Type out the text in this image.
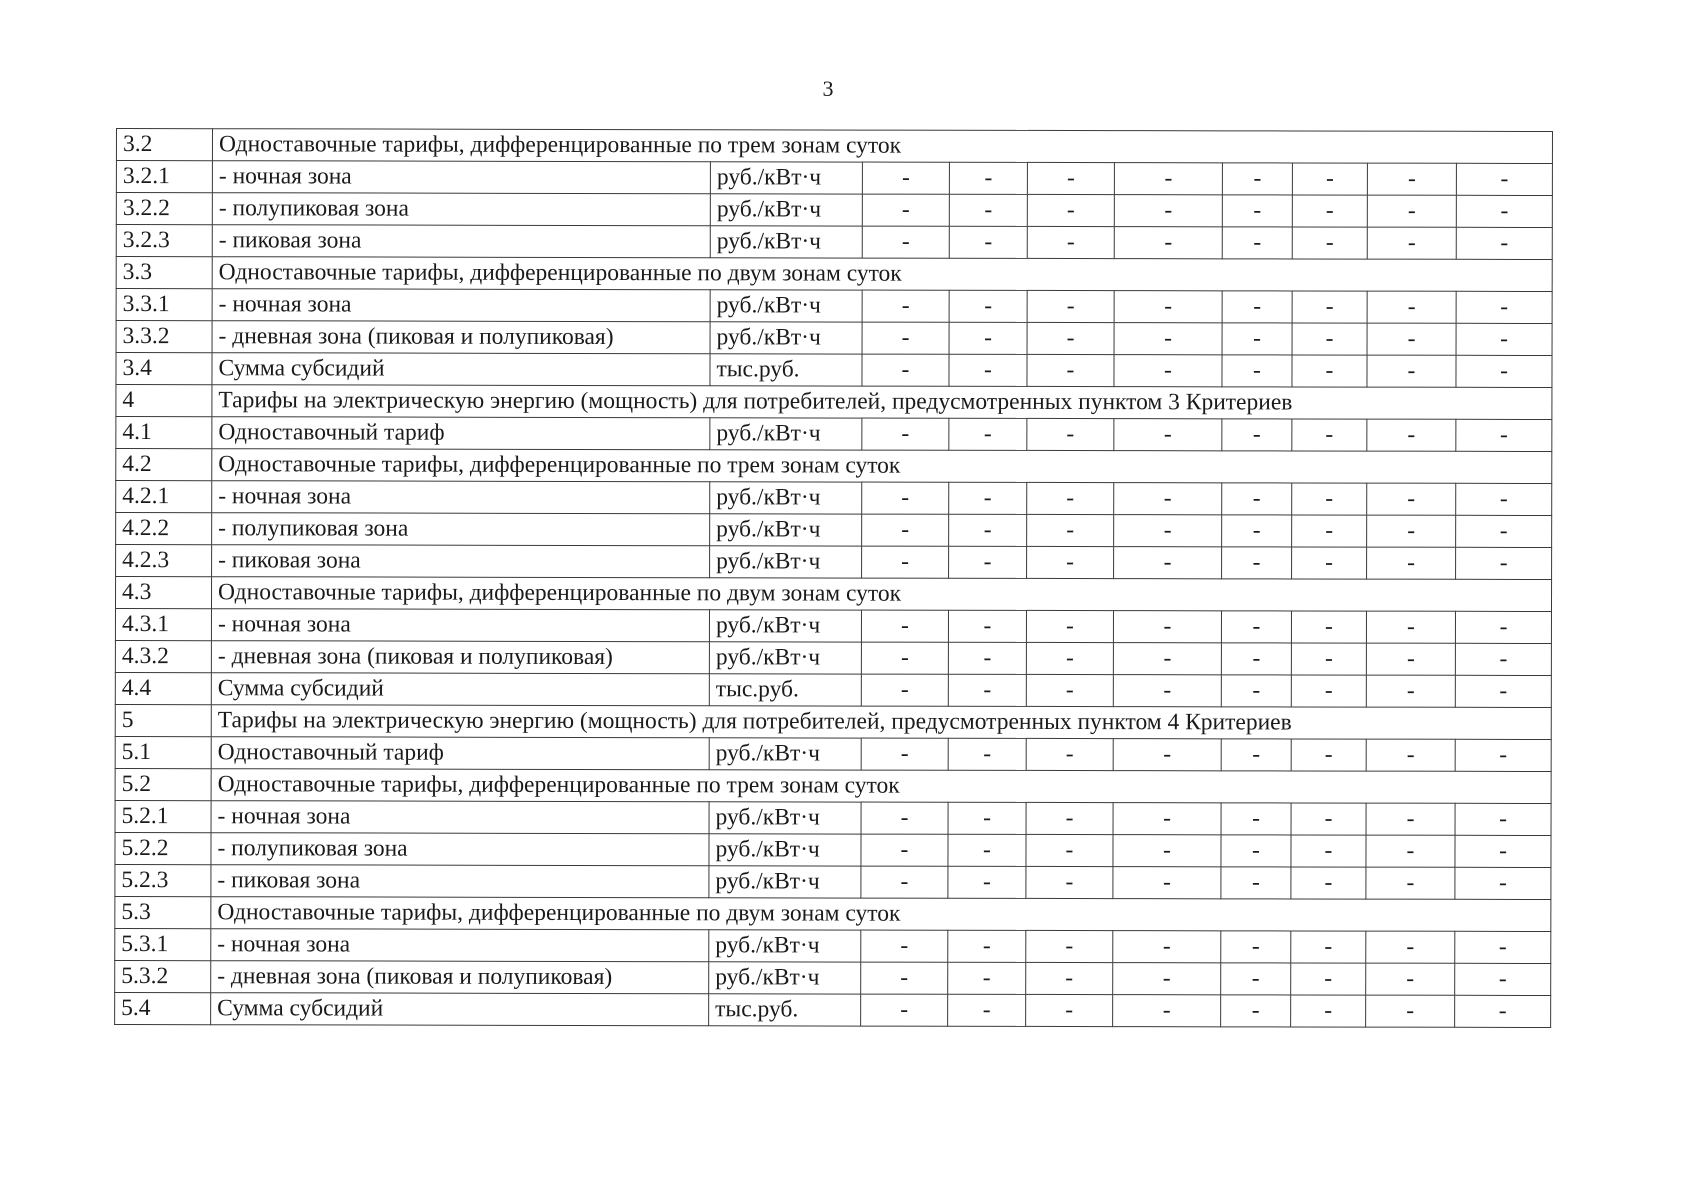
3
3.2	Одноставочные тарифы, дифференцированные по трем зонам суток									
3.2.1	- ночная зона	руб./кВт·ч	-	-	-	-	-	-	-	-
3.2.2	- полупиковая зона	руб./кВт·ч	-	-	-	-	-	-	-	-
3.2.3	- пиковая зона	руб./кВт·ч	-	-	-	-	-	-	-	-
3.3	Одноставочные тарифы, дифференцированные по двум зонам суток									
3.3.1	- ночная зона	руб./кВт·ч	-	-	-	-	-	-	-	-
3.3.2	- дневная зона (пиковая и полупиковая)	руб./кВт·ч	-	-	-	-	-	-	-	-
3.4	Сумма субсидий	тыс.руб.	-	-	-	-	-	-	-	-
4	Тарифы на электрическую энергию (мощность) для потребителей, предусмотренных пунктом 3 Критериев									
4.1	Одноставочный тариф	руб./кВт·ч	-	-	-	-	-	-	-	-
4.2	Одноставочные тарифы, дифференцированные по трем зонам суток									
4.2.1	- ночная зона	руб./кВт·ч	-	-	-	-	-	-	-	-
4.2.2	- полупиковая зона	руб./кВт·ч	-	-	-	-	-	-	-	-
4.2.3	- пиковая зона	руб./кВт·ч	-	-	-	-	-	-	-	-
4.3	Одноставочные тарифы, дифференцированные по двум зонам суток									
4.3.1	- ночная зона	руб./кВт·ч	-	-	-	-	-	-	-	-
4.3.2	- дневная зона (пиковая и полупиковая)	руб./кВт·ч	-	-	-	-	-	-	-	-
4.4	Сумма субсидий	тыс.руб.	-	-	-	-	-	-	-	-
5	Тарифы на электрическую энергию (мощность) для потребителей, предусмотренных пунктом 4 Критериев									
5.1	Одноставочный тариф	руб./кВт·ч	-	-	-	-	-	-	-	-
5.2	Одноставочные тарифы, дифференцированные по трем зонам суток									
5.2.1	- ночная зона	руб./кВт·ч	-	-	-	-	-	-	-	-
5.2.2	- полупиковая зона	руб./кВт·ч	-	-	-	-	-	-	-	-
5.2.3	- пиковая зона	руб./кВт·ч	-	-	-	-	-	-	-	-
5.3	Одноставочные тарифы, дифференцированные по двум зонам суток									
5.3.1	- ночная зона	руб./кВт·ч	-	-	-	-	-	-	-	-
5.3.2	- дневная зона (пиковая и полупиковая)	руб./кВт·ч	-	-	-	-	-	-	-	-
5.4	Сумма субсидий	тыс.руб.	-	-	-	-	-	-	-	-
